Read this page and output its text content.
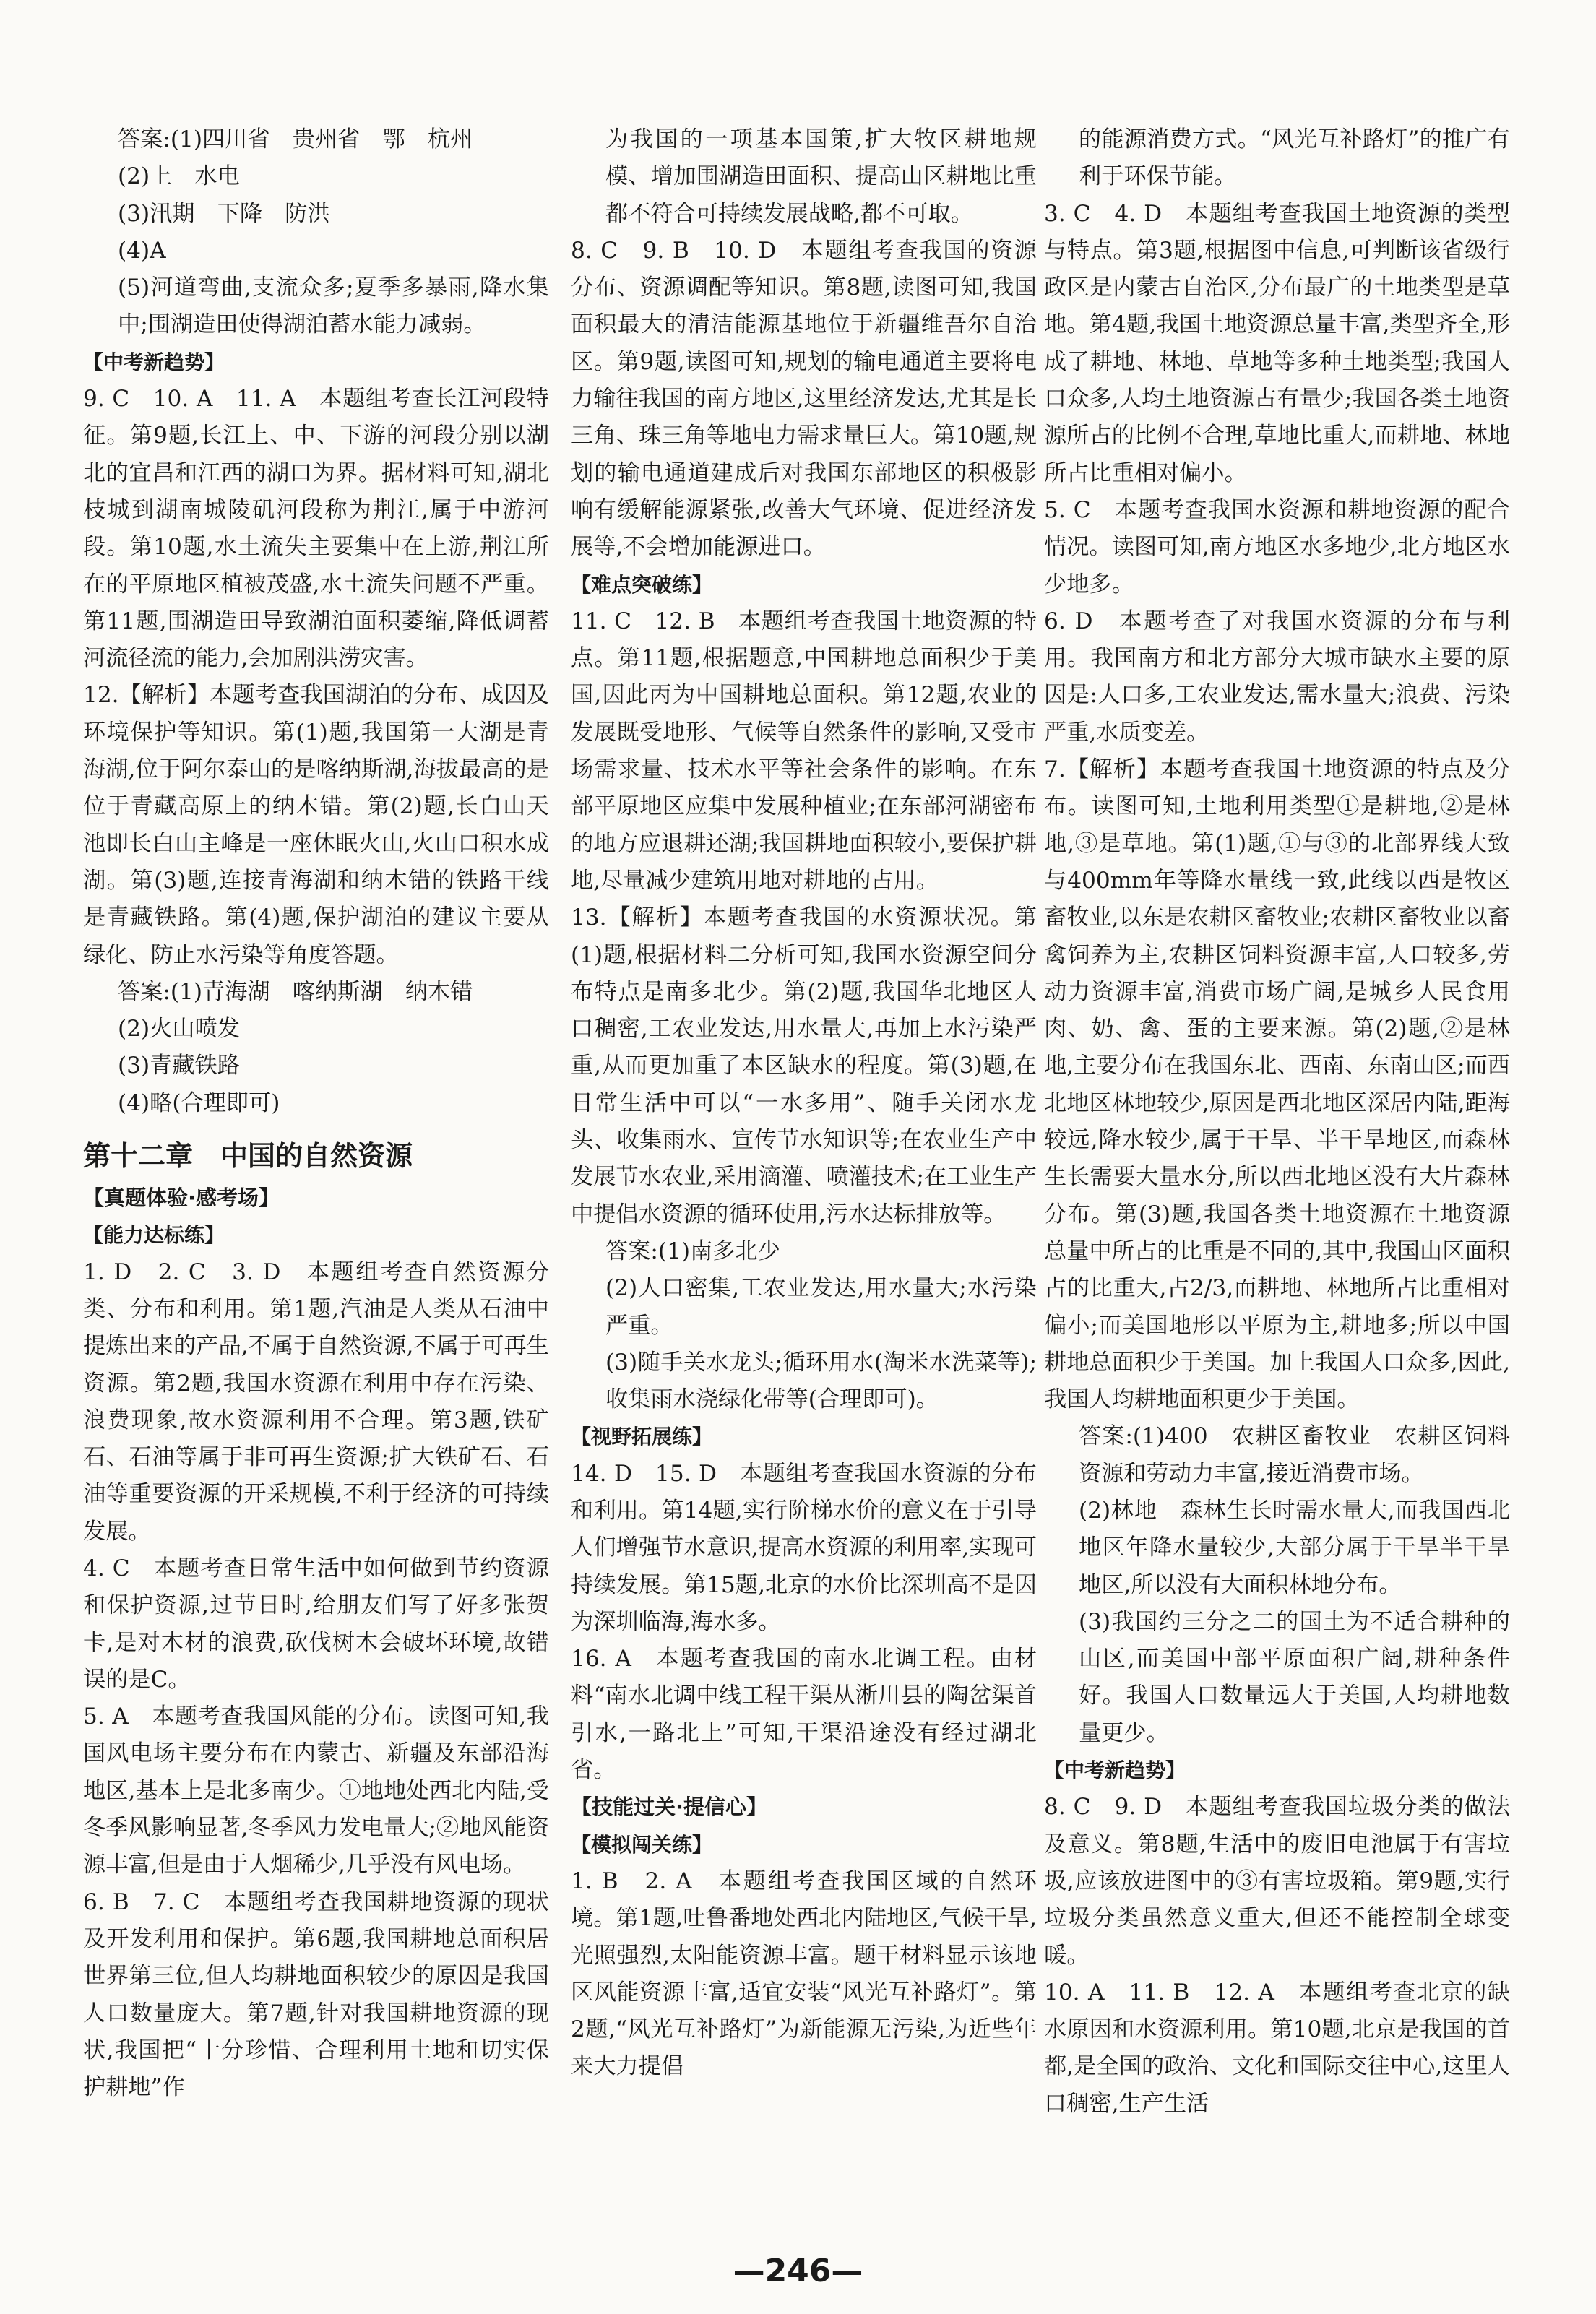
答案:(1)四川省　贵州省　鄂　杭州

(2)上　水电

(3)汛期　下降　防洪

(4)A

(5)河道弯曲,支流众多;夏季多暴雨,降水集中;围湖造田使得湖泊蓄水能力减弱。

【中考新趋势】

9. C　10. A　11. A　本题组考查长江河段特征。第9题,长江上、中、下游的河段分别以湖北的宜昌和江西的湖口为界。据材料可知,湖北枝城到湖南城陵矶河段称为荆江,属于中游河段。第10题,水土流失主要集中在上游,荆江所在的平原地区植被茂盛,水土流失问题不严重。第11题,围湖造田导致湖泊面积萎缩,降低调蓄河流径流的能力,会加剧洪涝灾害。

12.【解析】本题考查我国湖泊的分布、成因及环境保护等知识。第(1)题,我国第一大湖是青海湖,位于阿尔泰山的是喀纳斯湖,海拔最高的是位于青藏高原上的纳木错。第(2)题,长白山天池即长白山主峰是一座休眠火山,火山口积水成湖。第(3)题,连接青海湖和纳木错的铁路干线是青藏铁路。第(4)题,保护湖泊的建议主要从绿化、防止水污染等角度答题。

答案:(1)青海湖　喀纳斯湖　纳木错

(2)火山喷发

(3)青藏铁路

(4)略(合理即可)

第十二章　中国的自然资源

【真题体验·感考场】

【能力达标练】

1. D　2. C　3. D　本题组考查自然资源分类、分布和利用。第1题,汽油是人类从石油中提炼出来的产品,不属于自然资源,不属于可再生资源。第2题,我国水资源在利用中存在污染、浪费现象,故水资源利用不合理。第3题,铁矿石、石油等属于非可再生资源;扩大铁矿石、石油等重要资源的开采规模,不利于经济的可持续发展。

4. C　本题考查日常生活中如何做到节约资源和保护资源,过节日时,给朋友们写了好多张贺卡,是对木材的浪费,砍伐树木会破坏环境,故错误的是C。

5. A　本题考查我国风能的分布。读图可知,我国风电场主要分布在内蒙古、新疆及东部沿海地区,基本上是北多南少。①地地处西北内陆,受冬季风影响显著,冬季风力发电量大;②地风能资源丰富,但是由于人烟稀少,几乎没有风电场。

6. B　7. C　本题组考查我国耕地资源的现状及开发利用和保护。第6题,我国耕地总面积居世界第三位,但人均耕地面积较少的原因是我国人口数量庞大。第7题,针对我国耕地资源的现状,我国把“十分珍惜、合理利用土地和切实保护耕地”作

为我国的一项基本国策,扩大牧区耕地规模、增加围湖造田面积、提高山区耕地比重都不符合可持续发展战略,都不可取。

8. C　9. B　10. D　本题组考查我国的资源分布、资源调配等知识。第8题,读图可知,我国面积最大的清洁能源基地位于新疆维吾尔自治区。第9题,读图可知,规划的输电通道主要将电力输往我国的南方地区,这里经济发达,尤其是长三角、珠三角等地电力需求量巨大。第10题,规划的输电通道建成后对我国东部地区的积极影响有缓解能源紧张,改善大气环境、促进经济发展等,不会增加能源进口。

【难点突破练】

11. C　12. B　本题组考查我国土地资源的特点。第11题,根据题意,中国耕地总面积少于美国,因此丙为中国耕地总面积。第12题,农业的发展既受地形、气候等自然条件的影响,又受市场需求量、技术水平等社会条件的影响。在东部平原地区应集中发展种植业;在东部河湖密布的地方应退耕还湖;我国耕地面积较小,要保护耕地,尽量减少建筑用地对耕地的占用。

13.【解析】本题考查我国的水资源状况。第(1)题,根据材料二分析可知,我国水资源空间分布特点是南多北少。第(2)题,我国华北地区人口稠密,工农业发达,用水量大,再加上水污染严重,从而更加重了本区缺水的程度。第(3)题,在日常生活中可以“一水多用”、随手关闭水龙头、收集雨水、宣传节水知识等;在农业生产中发展节水农业,采用滴灌、喷灌技术;在工业生产中提倡水资源的循环使用,污水达标排放等。

答案:(1)南多北少

(2)人口密集,工农业发达,用水量大;水污染严重。

(3)随手关水龙头;循环用水(淘米水洗菜等);收集雨水浇绿化带等(合理即可)。

【视野拓展练】

14. D　15. D　本题组考查我国水资源的分布和利用。第14题,实行阶梯水价的意义在于引导人们增强节水意识,提高水资源的利用率,实现可持续发展。第15题,北京的水价比深圳高不是因为深圳临海,海水多。

16. A　本题考查我国的南水北调工程。由材料“南水北调中线工程干渠从淅川县的陶岔渠首引水,一路北上”可知,干渠沿途没有经过湖北省。

【技能过关·提信心】

【模拟闯关练】

1. B　2. A　本题组考查我国区域的自然环境。第1题,吐鲁番地处西北内陆地区,气候干旱,光照强烈,太阳能资源丰富。题干材料显示该地区风能资源丰富,适宜安装“风光互补路灯”。第2题,“风光互补路灯”为新能源无污染,为近些年来大力提倡

的能源消费方式。“风光互补路灯”的推广有利于环保节能。

3. C　4. D　本题组考查我国土地资源的类型与特点。第3题,根据图中信息,可判断该省级行政区是内蒙古自治区,分布最广的土地类型是草地。第4题,我国土地资源总量丰富,类型齐全,形成了耕地、林地、草地等多种土地类型;我国人口众多,人均土地资源占有量少;我国各类土地资源所占的比例不合理,草地比重大,而耕地、林地所占比重相对偏小。

5. C　本题考查我国水资源和耕地资源的配合情况。读图可知,南方地区水多地少,北方地区水少地多。

6. D　本题考查了对我国水资源的分布与利用。我国南方和北方部分大城市缺水主要的原因是:人口多,工农业发达,需水量大;浪费、污染严重,水质变差。

7.【解析】本题考查我国土地资源的特点及分布。读图可知,土地利用类型①是耕地,②是林地,③是草地。第(1)题,①与③的北部界线大致与400mm年等降水量线一致,此线以西是牧区畜牧业,以东是农耕区畜牧业;农耕区畜牧业以畜禽饲养为主,农耕区饲料资源丰富,人口较多,劳动力资源丰富,消费市场广阔,是城乡人民食用肉、奶、禽、蛋的主要来源。第(2)题,②是林地,主要分布在我国东北、西南、东南山区;而西北地区林地较少,原因是西北地区深居内陆,距海较远,降水较少,属于干旱、半干旱地区,而森林生长需要大量水分,所以西北地区没有大片森林分布。第(3)题,我国各类土地资源在土地资源总量中所占的比重是不同的,其中,我国山区面积占的比重大,占2/3,而耕地、林地所占比重相对偏小;而美国地形以平原为主,耕地多;所以中国耕地总面积少于美国。加上我国人口众多,因此,我国人均耕地面积更少于美国。

答案:(1)400　农耕区畜牧业　农耕区饲料资源和劳动力丰富,接近消费市场。

(2)林地　森林生长时需水量大,而我国西北地区年降水量较少,大部分属于干旱半干旱地区,所以没有大面积林地分布。

(3)我国约三分之二的国土为不适合耕种的山区,而美国中部平原面积广阔,耕种条件好。我国人口数量远大于美国,人均耕地数量更少。

【中考新趋势】

8. C　9. D　本题组考查我国垃圾分类的做法及意义。第8题,生活中的废旧电池属于有害垃圾,应该放进图中的③有害垃圾箱。第9题,实行垃圾分类虽然意义重大,但还不能控制全球变暖。

10. A　11. B　12. A　本题组考查北京的缺水原因和水资源利用。第10题,北京是我国的首都,是全国的政治、文化和国际交往中心,这里人口稠密,生产生活

—246—
